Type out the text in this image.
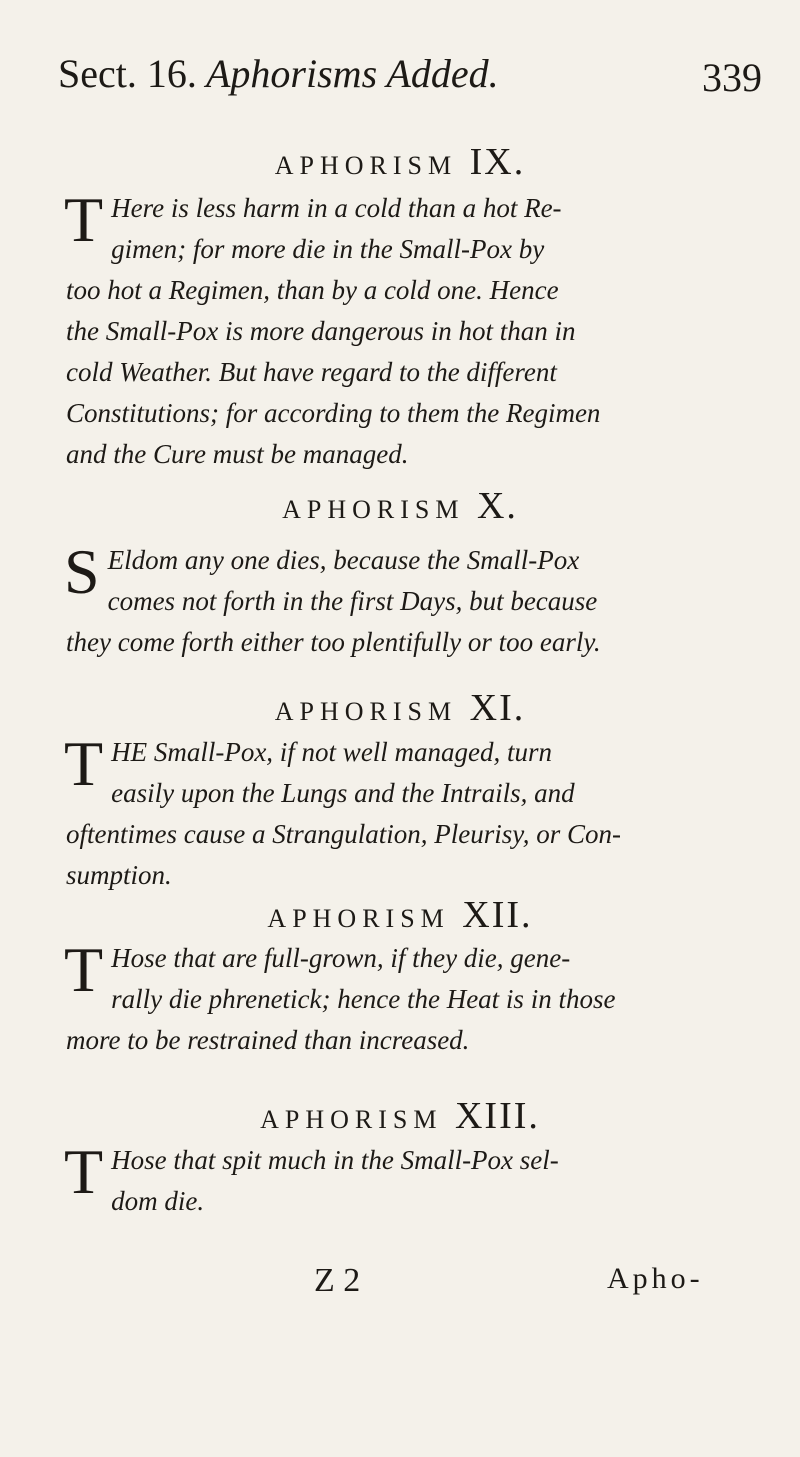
Sect. 16. Aphorisms Added.	339
APHORISM IX.
T Here is less harm in a cold than a hot Re-
gimen; for more die in the Small-Pox by
too hot a Regimen, than by a cold one. Hence
the Small-Pox is more dangerous in hot than in
cold Weather. But have regard to the different
Constitutions; for according to them the Regimen
and the Cure must be managed.
APHORISM X.
S Eldom any one dies, because the Small-Pox
comes not forth in the first Days, but because
they come forth either too plentifully or too early.
APHORISM XI.
T HE Small-Pox, if not well managed, turn
easily upon the Lungs and the Intrails, and
oftentimes cause a Strangulation, Pleurisy, or Con-
sumption.
APHORISM XII.
T Hose that are full-grown, if they die, gene-
rally die phrenetick; hence the Heat is in those
more to be restrained than increased.
APHORISM XIII.
T Hose that spit much in the Small-Pox sel-
dom die.
Z 2	Apho-
